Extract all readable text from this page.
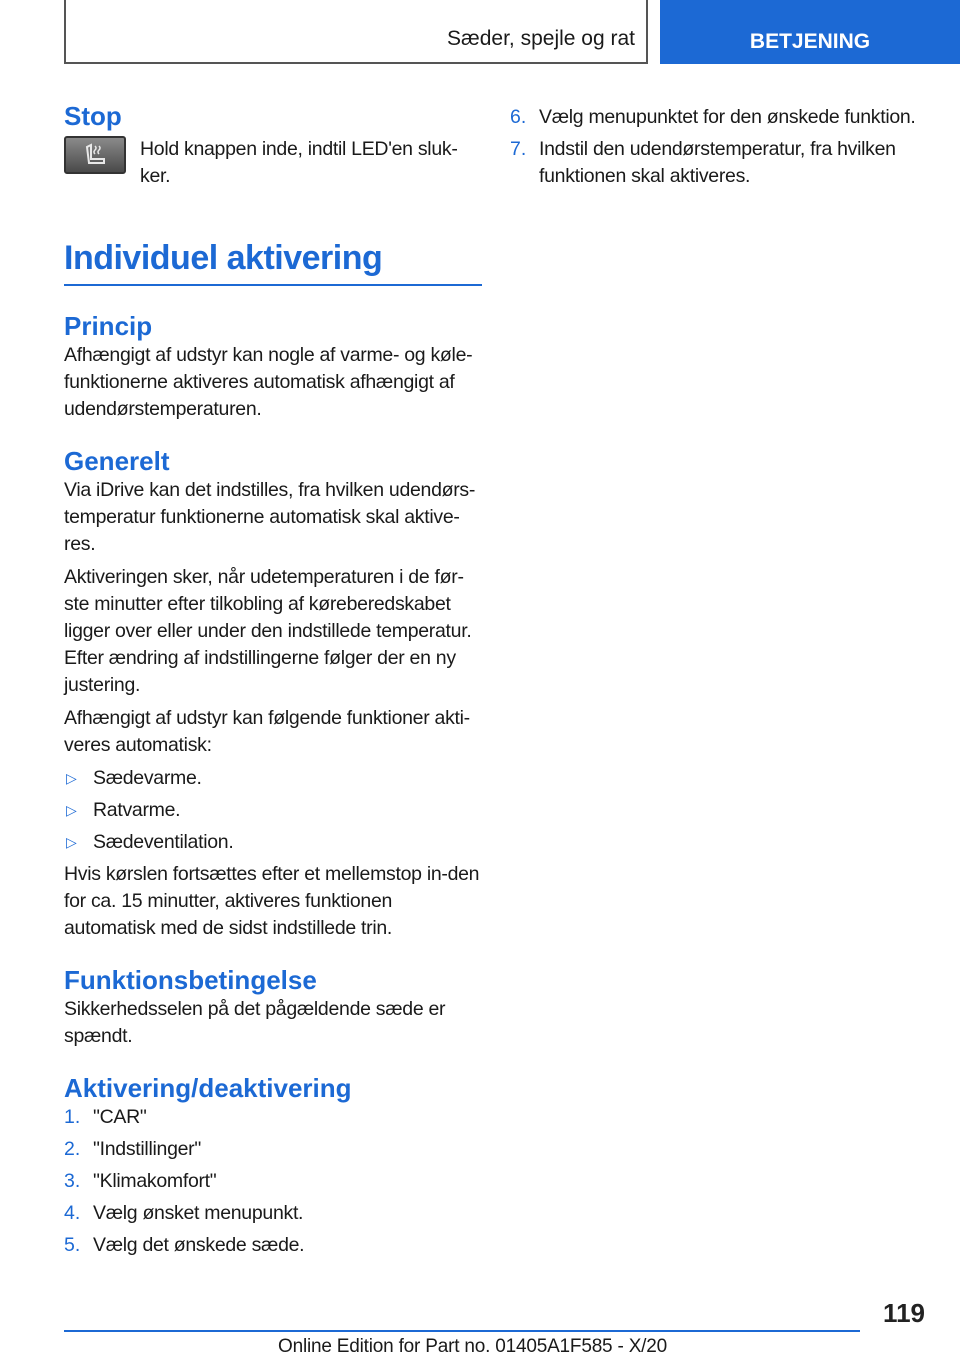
Sæder, spejle og rat	BETJENING
Stop

Hold knappen inde, indtil LED'en sluk-

ker.

Individuel aktivering
Princip

Afhængigt af udstyr kan nogle af varme- og køle-funktionerne aktiveres automatisk afhængigt af udendørstemperaturen.

Generelt

Via iDrive kan det indstilles, fra hvilken udendørs-temperatur funktionerne automatisk skal aktive-res.

Aktiveringen sker, når udetemperaturen i de før-ste minutter efter tilkobling af køreberedskabet ligger over eller under den indstillede temperatur. Efter ændring af indstillingerne følger der en ny justering.

Afhængigt af udstyr kan følgende funktioner akti-veres automatisk:

▷ Sædevarme.
▷ Ratvarme.
▷ Sædeventilation.

Hvis kørslen fortsættes efter et mellemstop in-den for ca. 15 minutter, aktiveres funktionen automatisk med de sidst indstillede trin.

Funktionsbetingelse

Sikkerhedsselen på det pågældende sæde er spændt.

Aktivering/deaktivering
1. "CAR"
2. "Indstillinger"
3. "Klimakomfort"
4. Vælg ønsket menupunkt.
5. Vælg det ønskede sæde.
6. Vælg menupunktet for den ønskede funktion.
7. Indstil den udendørstemperatur, fra hvilken funktionen skal aktiveres.
119
Online Edition for Part no. 01405A1F585 - X/20
